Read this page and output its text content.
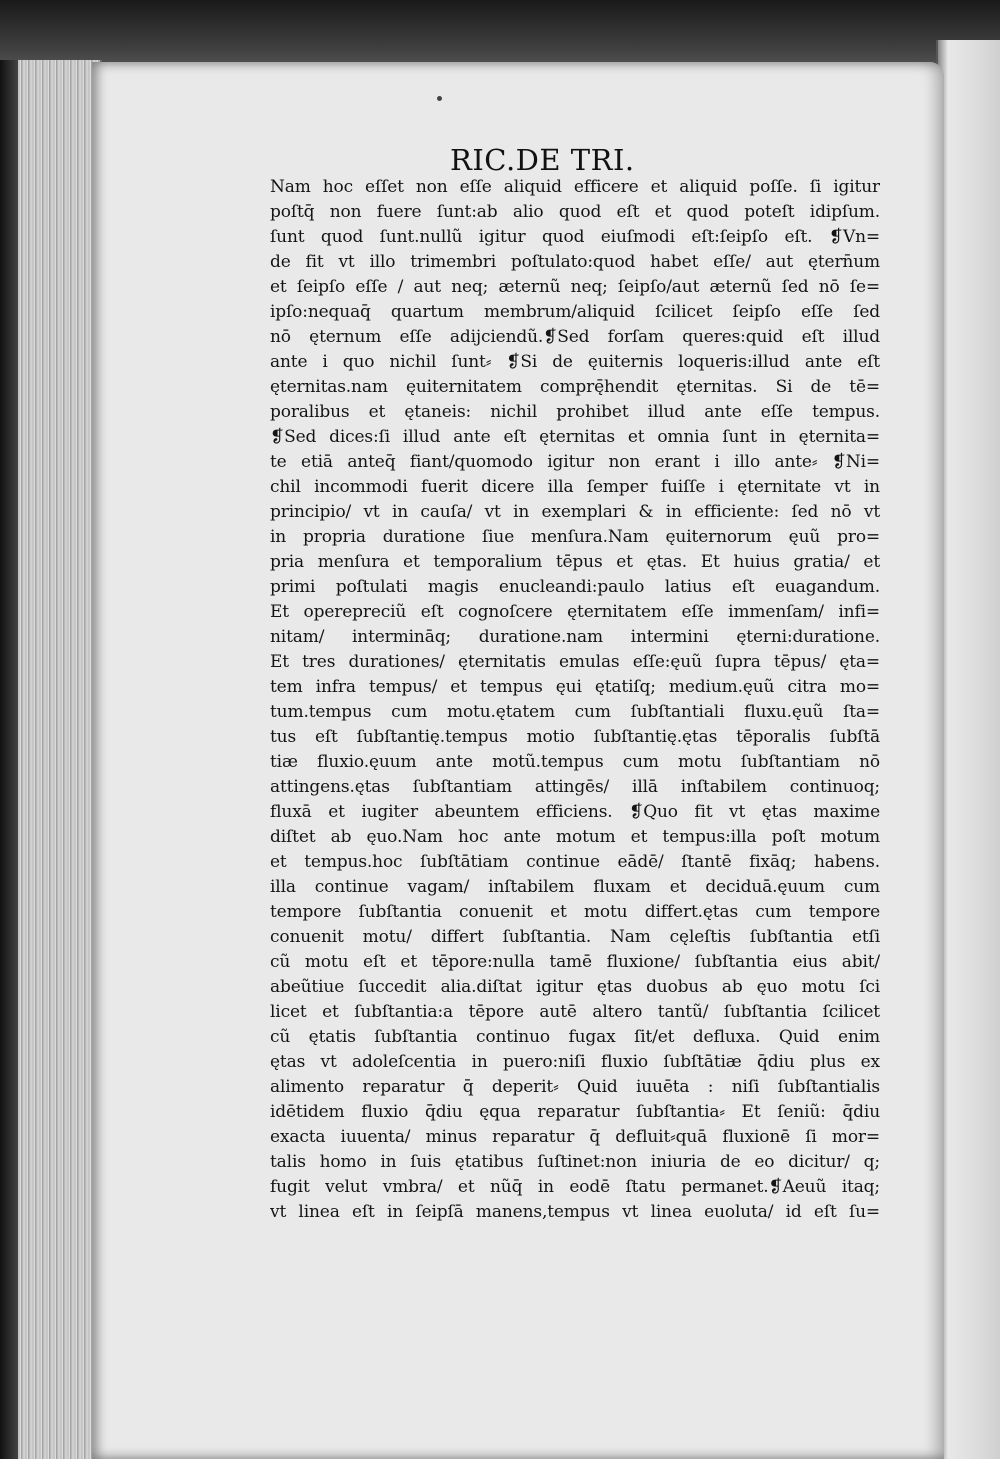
RIC.DE TRI.
Nam hoc eſſet non eſſe aliquid efficere et aliquid poſſe. ſi igitur
poſtq̄ non fuere ſunt:ab alio quod eſt et quod poteſt idipſum.
ſunt quod ſunt.nullũ igitur quod eiuſmodi eſt:ſeipſo eſt. ❡Vn=
de fit vt illo trimembri poſtulato:quod habet eſſe/ aut ętern̄um
et ſeipſo eſſe / aut neq; æternũ neq; ſeipſo/aut æternũ ſed nō ſe=
ipſo:nequaq̄ quartum membrum/aliquid ſcilicet ſeipſo eſſe ſed
nō ęternum eſſe adijciendũ.❡Sed forſam queres:quid eſt illud
ante i quo nichil ſunt⸗ ❡Si de ęuiternis loqueris:illud ante eſt
ęternitas.nam ęuiternitatem comprę̄hendit ęternitas. Si de tē=
poralibus et ętaneis: nichil prohibet illud ante eſſe tempus.
❡Sed dices:ſi illud ante eſt ęternitas et omnia ſunt in ęternita=
te etiā anteq̄ fiant/quomodo igitur non erant i illo ante⸗ ❡Ni=
chil incommodi fuerit dicere illa ſemper fuiſſe i ęternitate vt in
principio/ vt in cauſa/ vt in exemplari & in efficiente: ſed nō vt
in propria duratione ſiue menſura.Nam ęuiternorum ęuũ pro=
pria menſura et temporalium tēpus et ętas. Et huius gratia/ et
primi poſtulati magis enucleandi:paulo latius eſt euagandum.
Et operepreciũ eſt cognoſcere ęternitatem eſſe immenſam/ infi=
nitam/ intermināq; duratione.nam intermini ęterni:duratione.
Et tres durationes/ ęternitatis emulas eſſe:ęuũ ſupra tēpus/ ęta=
tem infra tempus/ et tempus ęui ętatiſq; medium.ęuũ citra mo=
tum.tempus cum motu.ętatem cum ſubſtantiali fluxu.ęuũ ſta=
tus eſt ſubſtantię.tempus motio ſubſtantię.ętas tēporalis ſubſtā
tiæ fluxio.ęuum ante motũ.tempus cum motu ſubſtantiam nō
attingens.ętas ſubſtantiam attingēs/ illā inſtabilem continuoq;
fluxā et iugiter abeuntem efficiens. ❡Quo fit vt ętas maxime
diſtet ab ęuo.Nam hoc ante motum et tempus:illa poſt motum
et tempus.hoc ſubſtātiam continue eādē/ ſtantē fixāq; habens.
illa continue vagam/ inſtabilem fluxam et deciduā.ęuum cum
tempore ſubſtantia conuenit et motu differt.ętas cum tempore
conuenit motu/ differt ſubſtantia. Nam cęleſtis ſubſtantia etſi
cũ motu eſt et tēpore:nulla tamē fluxione/ ſubſtantia eius abit/
abeũtiue ſuccedit alia.diſtat igitur ętas duobus ab ęuo motu ſci
licet et ſubſtantia:a tēpore autē altero tantũ/ ſubſtantia ſcilicet
cũ ętatis ſubſtantia continuo fugax ſit/et defluxa. Quid enim
ętas vt adoleſcentia in puero:niſi fluxio ſubſtātiæ q̄diu plus ex
alimento reparatur q̄ deperit⸗ Quid iuuēta : niſi ſubſtantialis
idētidem fluxio q̄diu ęqua reparatur ſubſtantia⸗ Et ſeniũ: q̄diu
exacta iuuenta/ minus reparatur q̄ defluit⸗quā fluxionē ſi mor=
talis homo in ſuis ętatibus ſuſtinet:non iniuria de eo dicitur/ q;
fugit velut vmbra/ et nũq̄ in eodē ſtatu permanet.❡Aeuũ itaq;
vt linea eſt in ſeipſā manens,tempus vt linea euoluta/ id eſt ſu=
